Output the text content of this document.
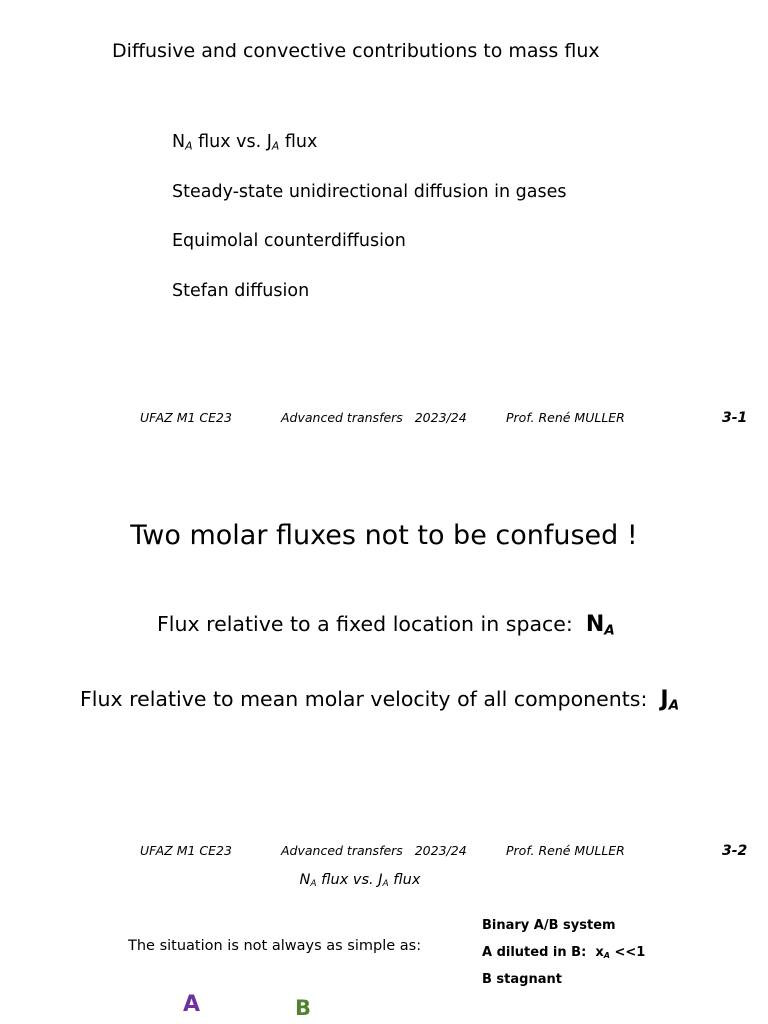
Diffusive and convective contributions to mass flux
$N_A$ flux vs. $J_A$ flux
Steady-state unidirectional diffusion in gases
Equimolal counterdiffusion
Stefan diffusion
UFAZ M1 CE23	Advanced transfers   2023/24	Prof. René MULLER	3-1
Two molar fluxes not to be confused !
Flux relative to a fixed location in space:  $N_A$
Flux relative to mean molar velocity of all components:  $J_A$
UFAZ M1 CE23	Advanced transfers   2023/24	Prof. René MULLER	3-2
$N_A$ flux vs. $J_A$ flux
The situation is not always as simple as:
Binary A/B system
A diluted in B:  $x_A <<1$
B stagnant
A	B
